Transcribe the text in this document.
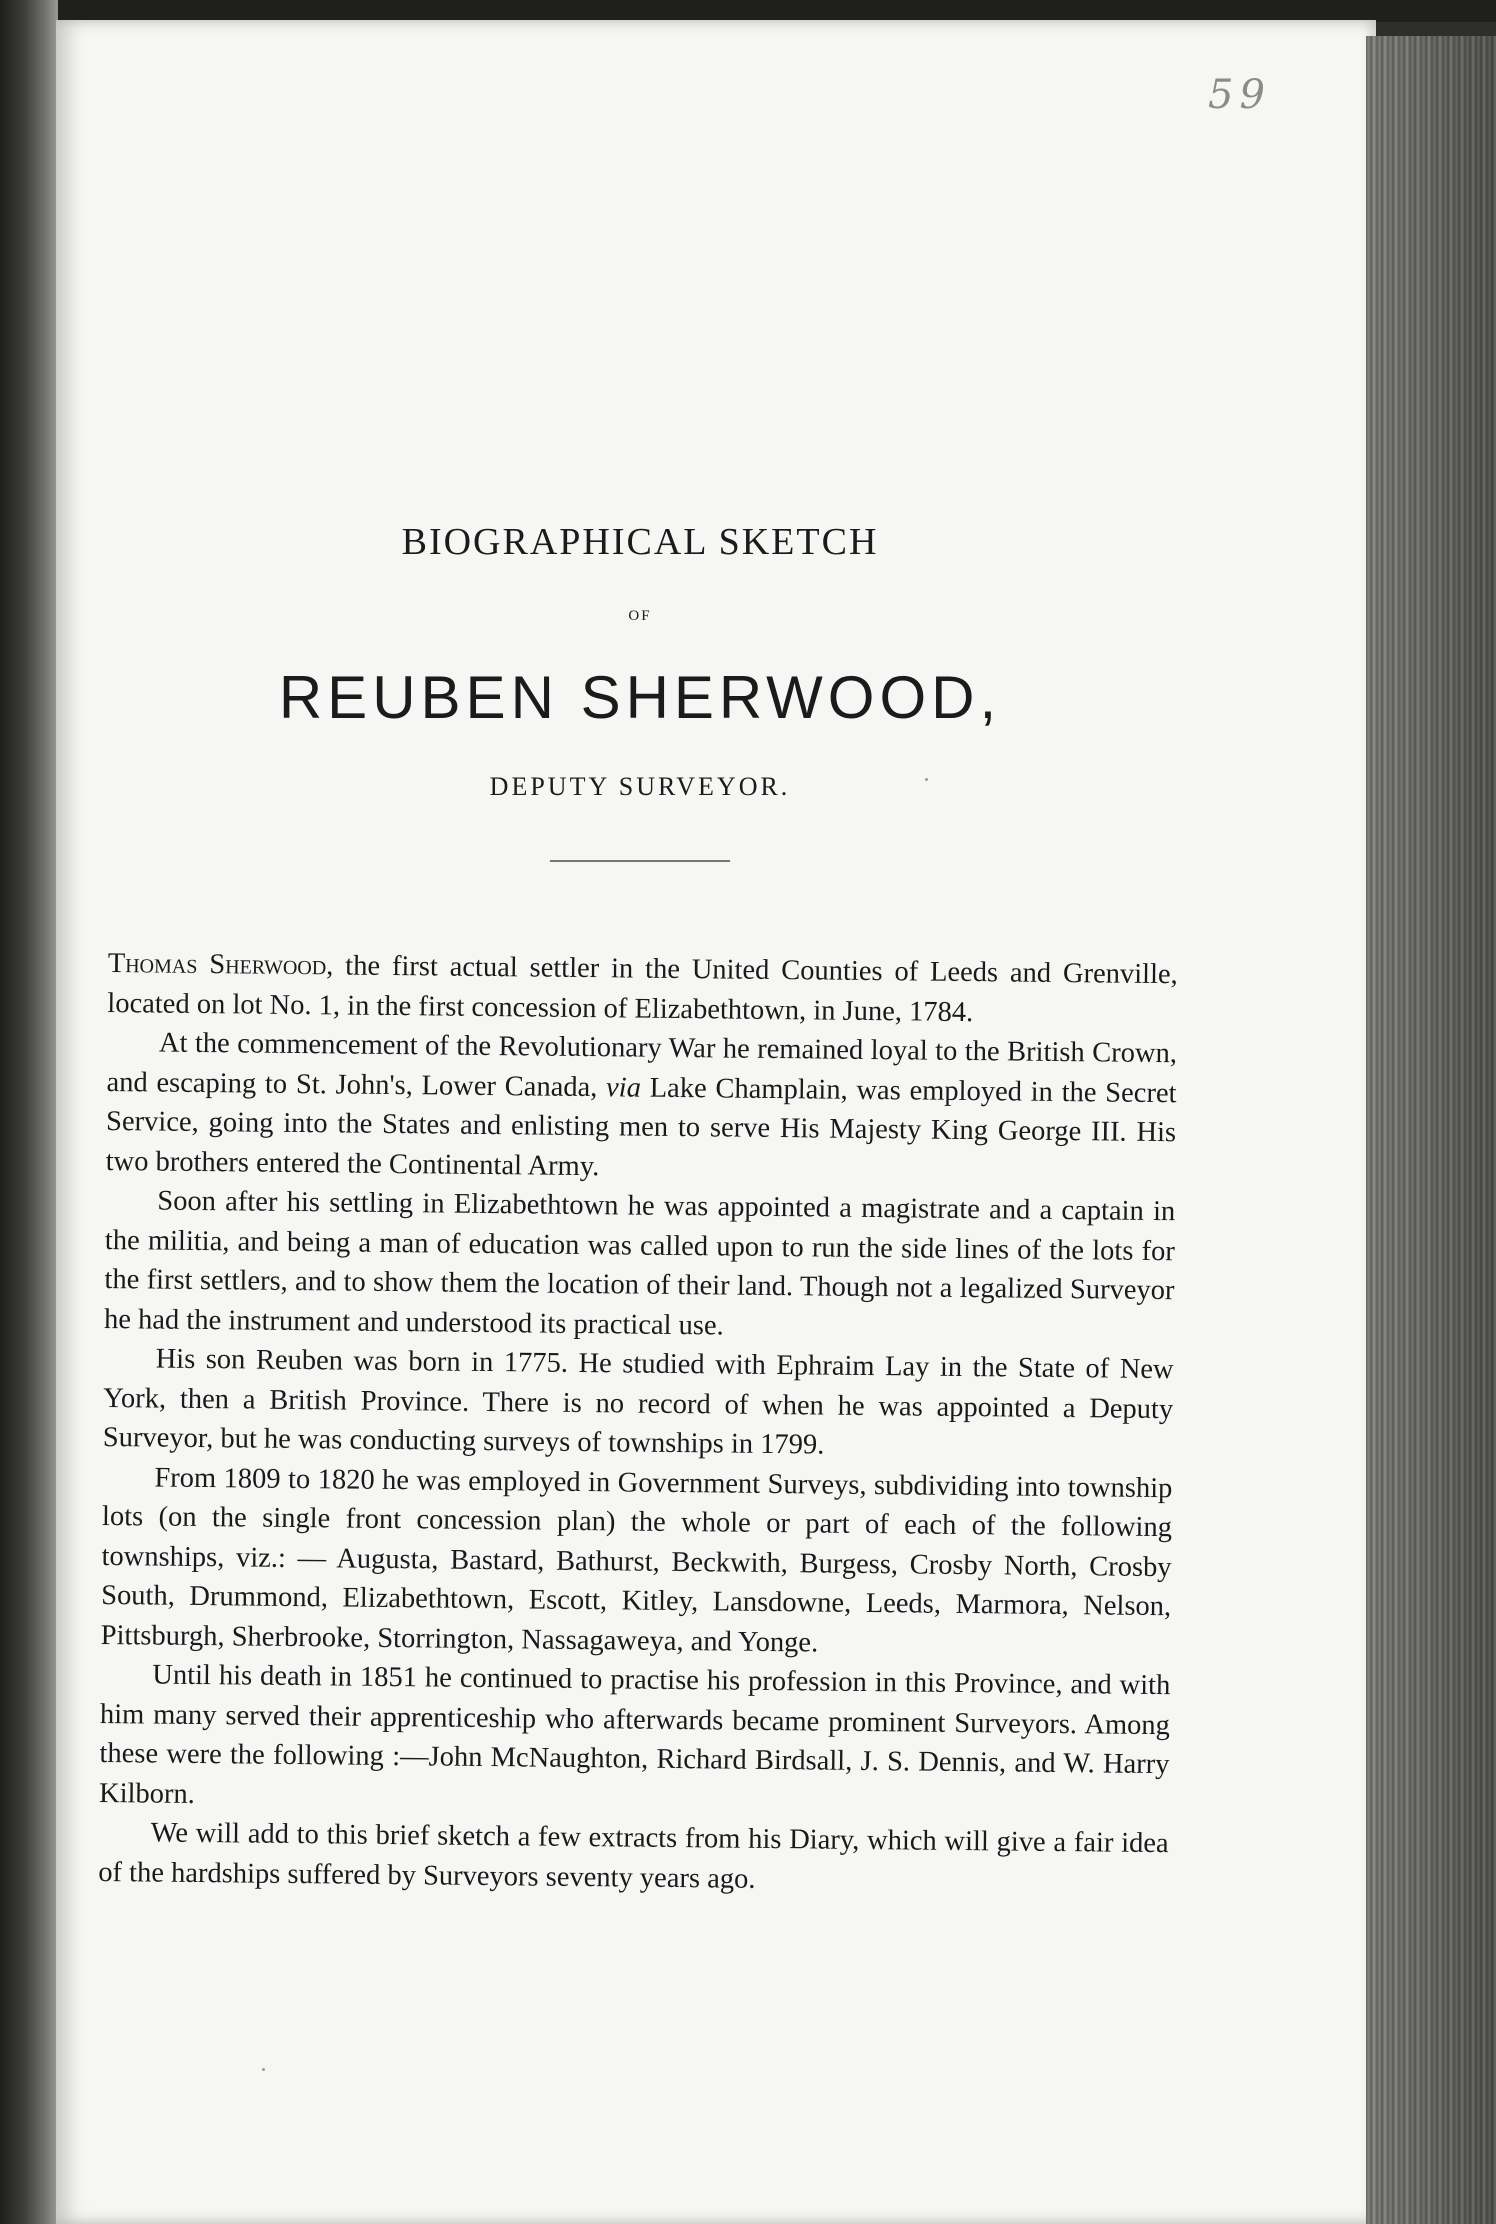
59
BIOGRAPHICAL SKETCH
OF
REUBEN SHERWOOD,
DEPUTY SURVEYOR.

Thomas Sherwood, the first actual settler in the United Counties of Leeds and Grenville, located on lot No. 1, in the first concession of Elizabethtown, in June, 1784.

At the commencement of the Revolutionary War he remained loyal to the British Crown, and escaping to St. John's, Lower Canada, via Lake Champlain, was employed in the Secret Service, going into the States and enlisting men to serve His Majesty King George III. His two brothers entered the Continental Army.

Soon after his settling in Elizabethtown he was appointed a magistrate and a captain in the militia, and being a man of education was called upon to run the side lines of the lots for the first settlers, and to show them the location of their land. Though not a legalized Surveyor he had the instrument and understood its practical use.

His son Reuben was born in 1775. He studied with Ephraim Lay in the State of New York, then a British Province. There is no record of when he was appointed a Deputy Surveyor, but he was conducting surveys of townships in 1799.

From 1809 to 1820 he was employed in Government Surveys, subdividing into township lots (on the single front concession plan) the whole or part of each of the following townships, viz.: — Augusta, Bastard, Bathurst, Beckwith, Burgess, Crosby North, Crosby South, Drummond, Elizabethtown, Escott, Kitley, Lansdowne, Leeds, Marmora, Nelson, Pittsburgh, Sherbrooke, Storrington, Nassagaweya, and Yonge.

Until his death in 1851 he continued to practise his profession in this Province, and with him many served their apprenticeship who afterwards became prominent Surveyors. Among these were the following :—John McNaughton, Richard Birdsall, J. S. Dennis, and W. Harry Kilborn.

We will add to this brief sketch a few extracts from his Diary, which will give a fair idea of the hardships suffered by Surveyors seventy years ago.
